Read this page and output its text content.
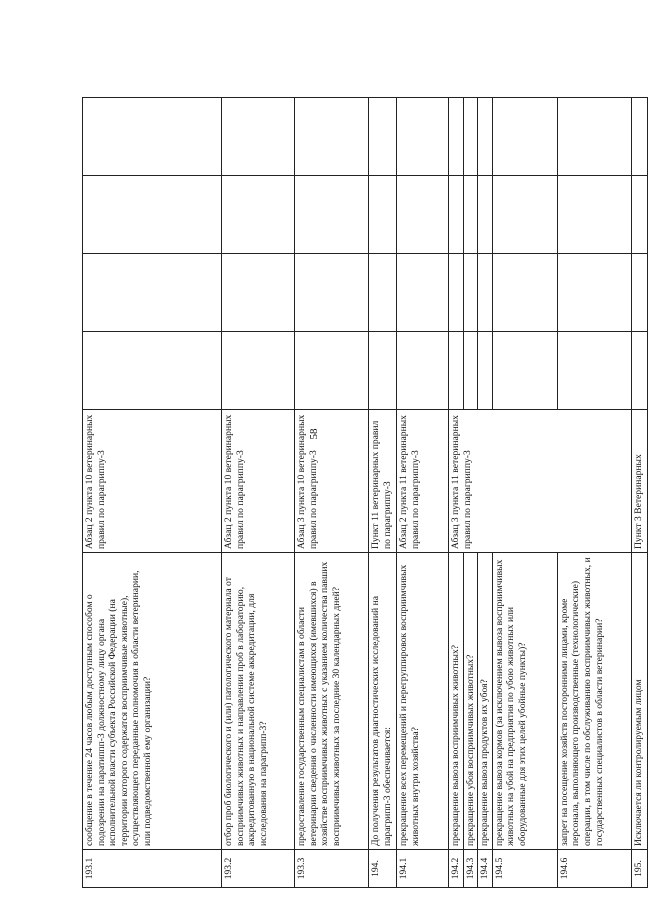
58
193.1	сообщение в течение 24 часов любым доступным способом о подозрении на паратиппп-3 должностному лицу органа исполнительной власти субъекта Российской Федерации (на территории которого содержатся восприимчивые животные), осуществляющего переданные полномочия в области ветеринарии, или подведомственной ему организации?	Абзац 2 пункта 10 ветеринарных правил по парагриппу-3				
193.2	отбор проб биологического и (или) патологического материала от восприимчивых животных и направлении проб в лабораторию, аккредитованную в национальной системе аккредитации, для исследования на парагрипп-3?	Абзац 2 пункта 10 ветеринарных правил по парагриппу-3				
193.3	предоставление государственным специалистам в области ветеринарии сведения о численности имеющихся (имевшихся) в хозяйстве восприимчивых животных с указанием количества павших восприимчивых животных за последние 30 календарных дней?	Абзац 3 пункта 10 ветеринарных правил по парагриппу-3				
194.	До получения результатов диагностических исследований на парагрипп-3 обеспечивается:	Пункт 11 ветеринарных правил по парагриппу-3				
194.1	прекращение всех перемещений и перегруппировок восприимчивых животных внутри хозяйства?	Абзац 2 пункта 11 ветеринарных правил по парагриппу-3				
194.2	прекращение вывоза восприимчивых животных?	Абзац 3 пункта 11 ветеринарных правил по парагриппу-3				
194.3	прекращение убоя восприимчивых животных?					
194.4	прекращение вывоза продуктов их убоя?					
194.5	прекращение вывоза кормов (за исключением вывоза восприимчивых животных на убой на предприятия по убою животных или оборудованные для этих целей убойные пункты)?					
194.6	запрет на посещение хозяйств посторонними лицами, кроме персонала, выполняющего производственные (технологические) операции, в том числе по обслуживанию восприимчивых животных, и государственных специалистов в области ветеринарии?					
195.	Исключается ли контролируемым лицом	Пункт 3 Ветеринарных				
